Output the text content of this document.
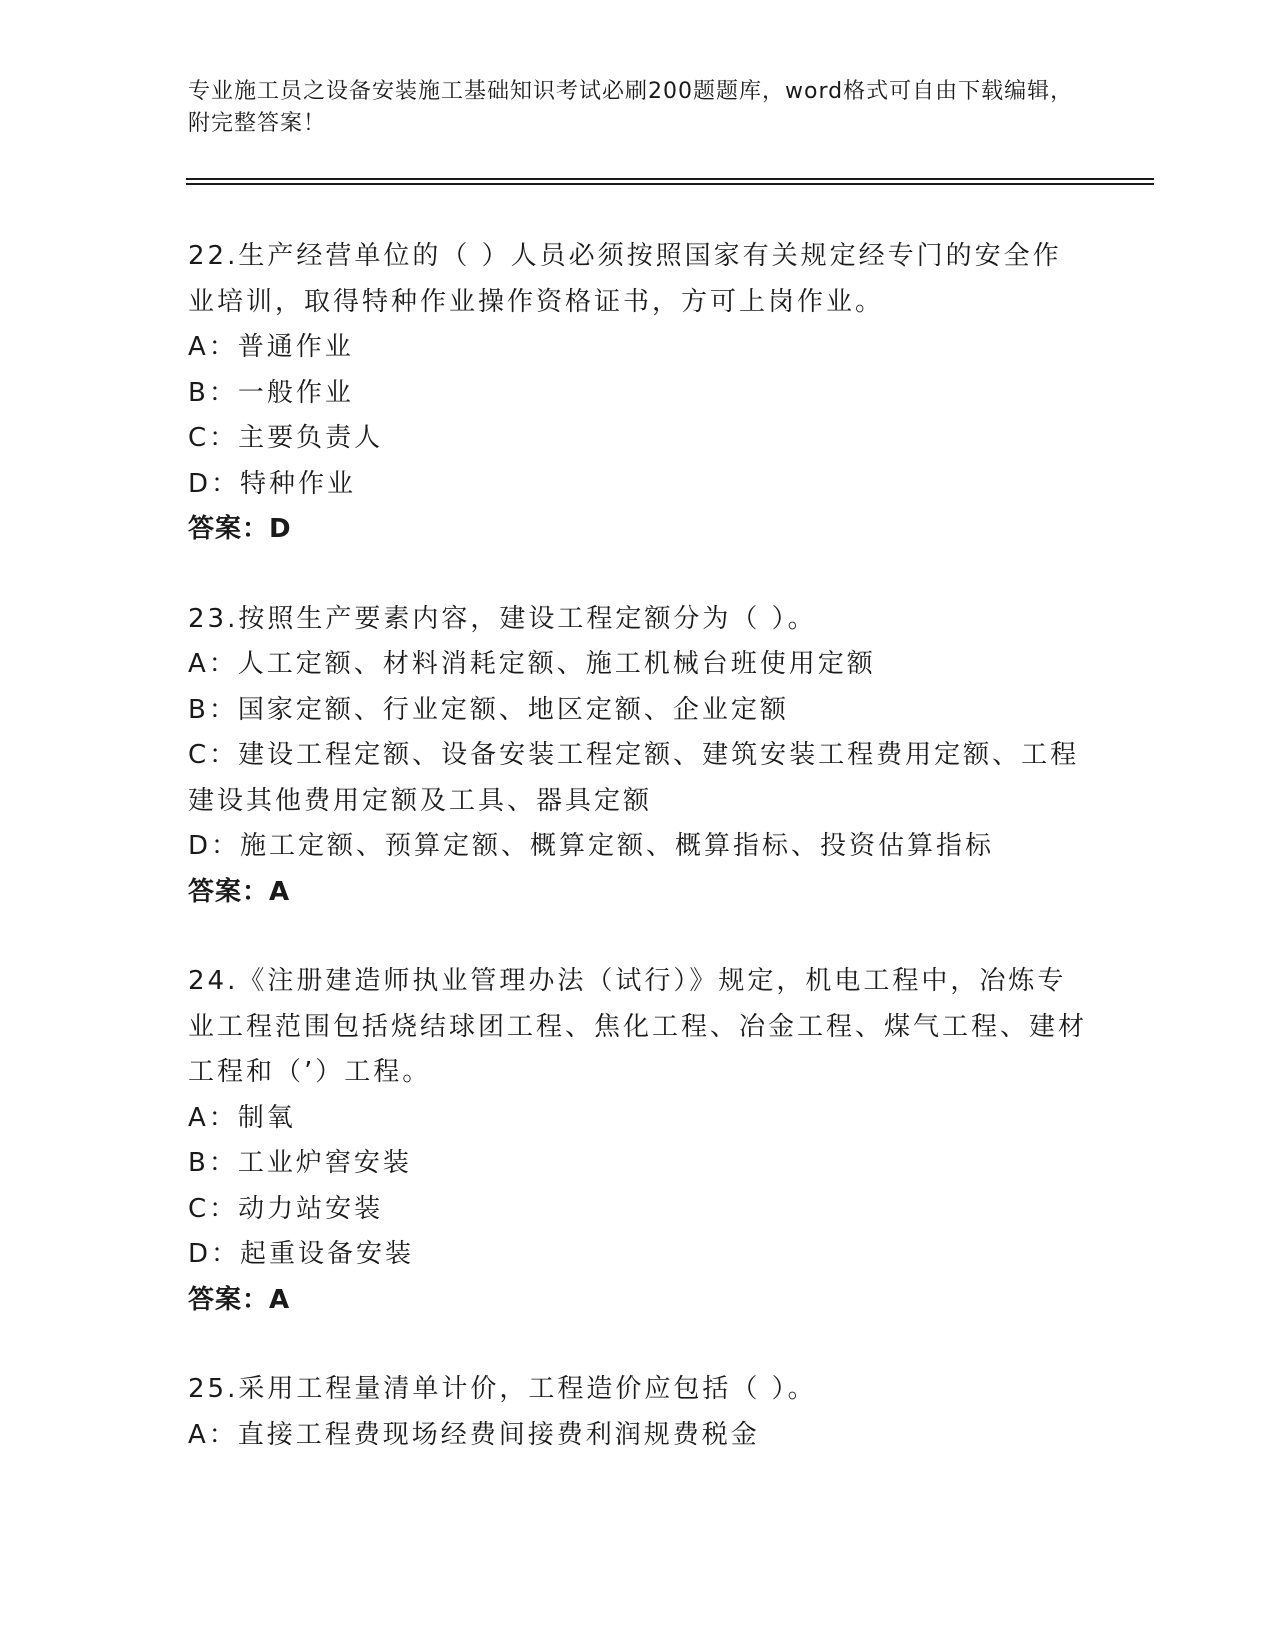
专业施工员之设备安装施工基础知识考试必刷200题题库，word格式可自由下载编辑，附完整答案！

22.生产经营单位的（ ）人员必须按照国家有关规定经专门的安全作业培训，取得特种作业操作资格证书，方可上岗作业。

A：普通作业

B：一般作业

C：主要负责人

D：特种作业

答案：D

23.按照生产要素内容，建设工程定额分为（ ）。

A：人工定额、材料消耗定额、施工机械台班使用定额

B：国家定额、行业定额、地区定额、企业定额

C：建设工程定额、设备安装工程定额、建筑安装工程费用定额、工程建设其他费用定额及工具、器具定额

D：施工定额、预算定额、概算定额、概算指标、投资估算指标

答案：A

24.《注册建造师执业管理办法（试行）》规定，机电工程中，冶炼专业工程范围包括烧结球团工程、焦化工程、冶金工程、煤气工程、建材工程和（’）工程。

A：制氧

B：工业炉窖安装

C：动力站安装

D：起重设备安装

答案：A

25.采用工程量清单计价，工程造价应包括（ ）。

A：直接工程费现场经费间接费利润规费税金
